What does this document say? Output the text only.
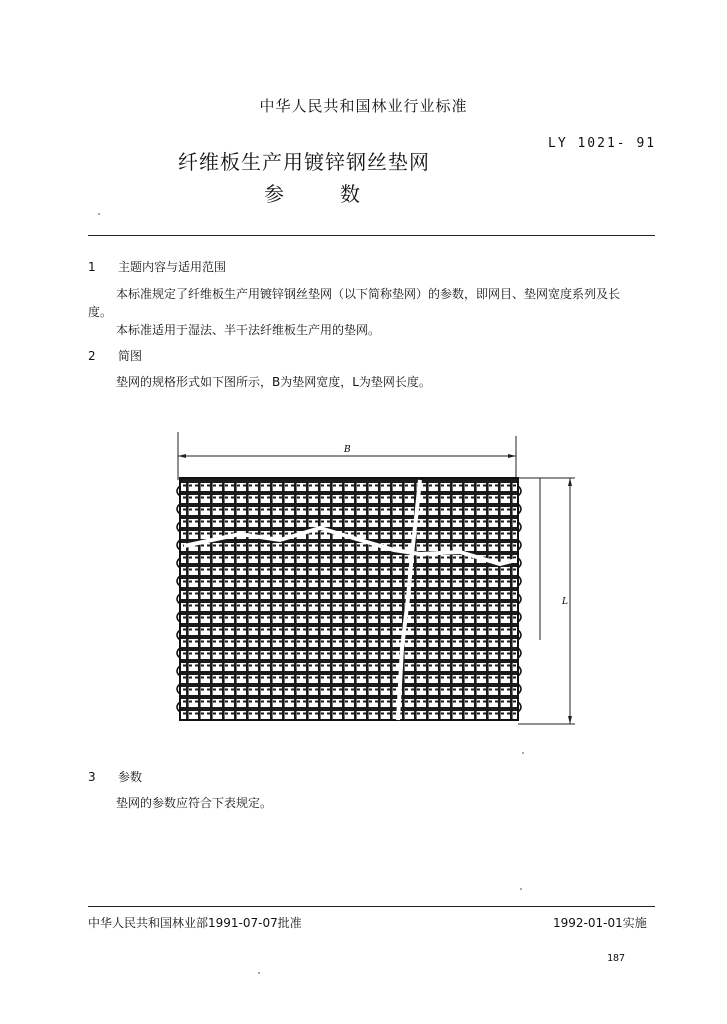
中华人民共和国林业行业标准
LY 1021- 91
纤维板生产用镀锌钢丝垫网
参	数
1 主题内容与适用范围
本标准规定了纤维板生产用镀锌钢丝垫网（以下简称垫网）的参数，即网目、垫网宽度系列及长
度。
本标准适用于湿法、半干法纤维板生产用的垫网。
2 简图
垫网的规格形式如下图所示，B为垫网宽度，L为垫网长度。
B
L
3 参数
垫网的参数应符合下表规定。
中华人民共和国林业部1991-07-07批准	1992-01-01实施
187
